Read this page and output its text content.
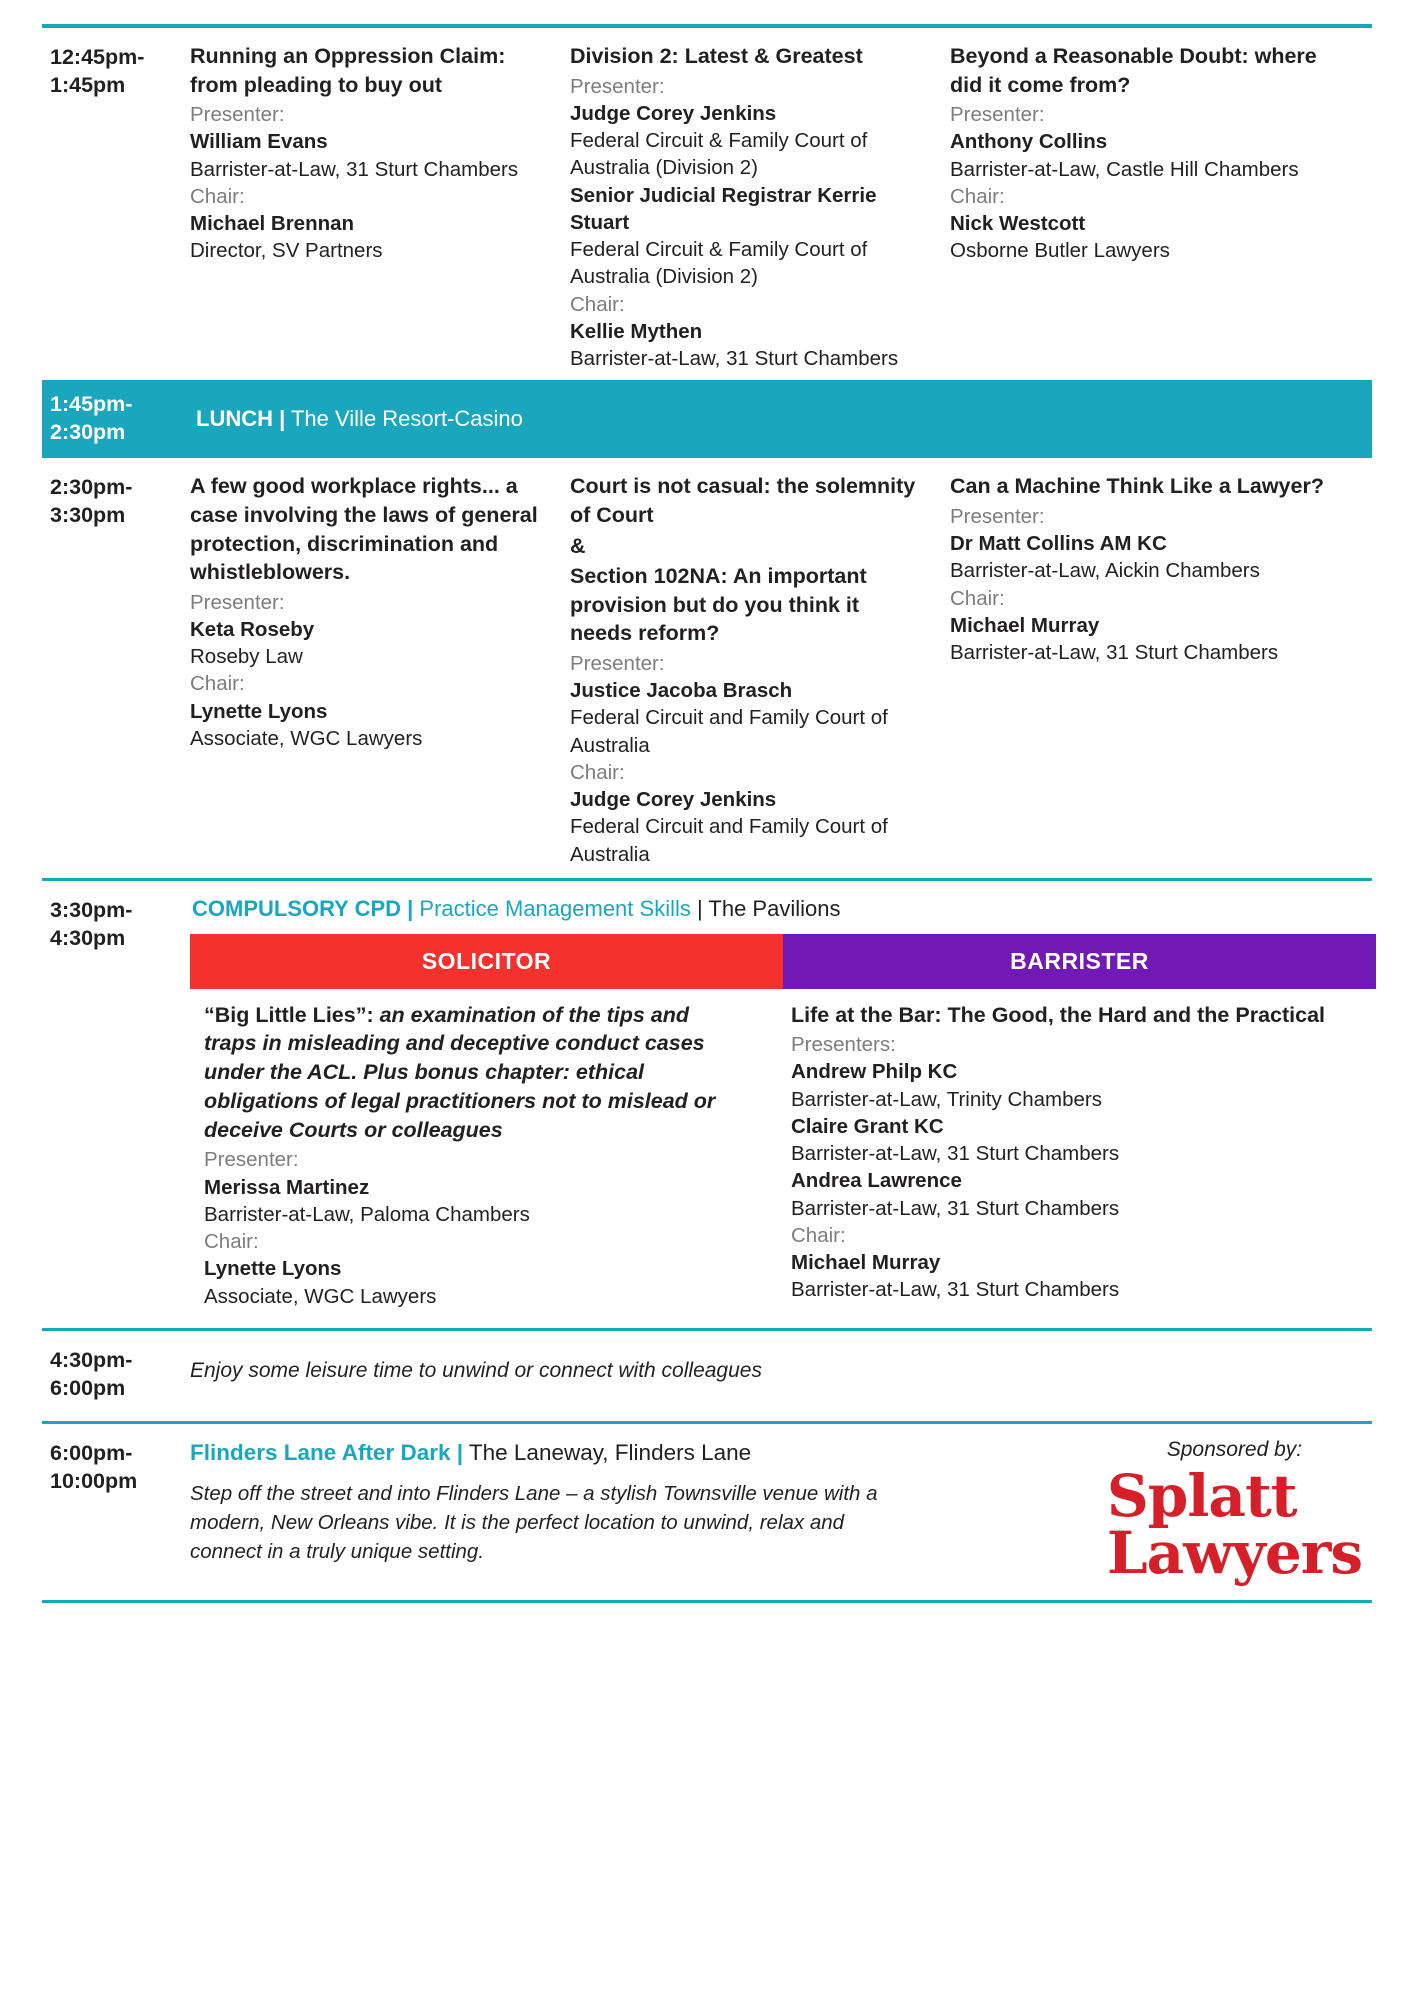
12:45pm-
1:45pm

Running an Oppression Claim: from pleading to buy out

Presenter:

William Evans

Barrister-at-Law, 31 Sturt Chambers

Chair:

Michael Brennan

Director, SV Partners

Division 2: Latest & Greatest

Presenter:

Judge Corey Jenkins

Federal Circuit & Family Court of Australia (Division 2)

Senior Judicial Registrar Kerrie Stuart

Federal Circuit & Family Court of Australia (Division 2)

Chair:

Kellie Mythen

Barrister-at-Law, 31 Sturt Chambers

Beyond a Reasonable Doubt: where did it come from?

Presenter:

Anthony Collins

Barrister-at-Law, Castle Hill Chambers

Chair:

Nick Westcott

Osborne Butler Lawyers

1:45pm-
2:30pm
LUNCH | The Ville Resort-Casino
2:30pm-
3:30pm

A few good workplace rights... a case involving the laws of general protection, discrimination and whistleblowers.

Presenter:

Keta Roseby

Roseby Law

Chair:

Lynette Lyons

Associate, WGC Lawyers

Court is not casual: the solemnity of Court

&

Section 102NA: An important provision but do you think it needs reform?

Presenter:

Justice Jacoba Brasch

Federal Circuit and Family Court of Australia

Chair:

Judge Corey Jenkins

Federal Circuit and Family Court of Australia

Can a Machine Think Like a Lawyer?

Presenter:

Dr Matt Collins AM KC

Barrister-at-Law, Aickin Chambers

Chair:

Michael Murray

Barrister-at-Law, 31 Sturt Chambers

3:30pm-
4:30pm

COMPULSORY CPD | Practice Management Skills | The Pavilions

SOLICITOR	BARRISTER

“Big Little Lies”: an examination of the tips and traps in misleading and deceptive conduct cases under the ACL. Plus bonus chapter: ethical obligations of legal practitioners not to mislead or deceive Courts or colleagues

Presenter:

Merissa Martinez

Barrister-at-Law, Paloma Chambers

Chair:

Lynette Lyons

Associate, WGC Lawyers

Life at the Bar: The Good, the Hard and the Practical

Presenters:

Andrew Philp KC

Barrister-at-Law, Trinity Chambers

Claire Grant KC

Barrister-at-Law, 31 Sturt Chambers

Andrea Lawrence

Barrister-at-Law, 31 Sturt Chambers

Chair:

Michael Murray

Barrister-at-Law, 31 Sturt Chambers

4:30pm-
6:00pm

Enjoy some leisure time to unwind or connect with colleagues

6:00pm-
10:00pm

Flinders Lane After Dark | The Laneway, Flinders Lane

Step off the street and into Flinders Lane – a stylish Townsville venue with a modern, New Orleans vibe. It is the perfect location to unwind, relax and connect in a truly unique setting.

Sponsored by:
Splatt
Lawyers
